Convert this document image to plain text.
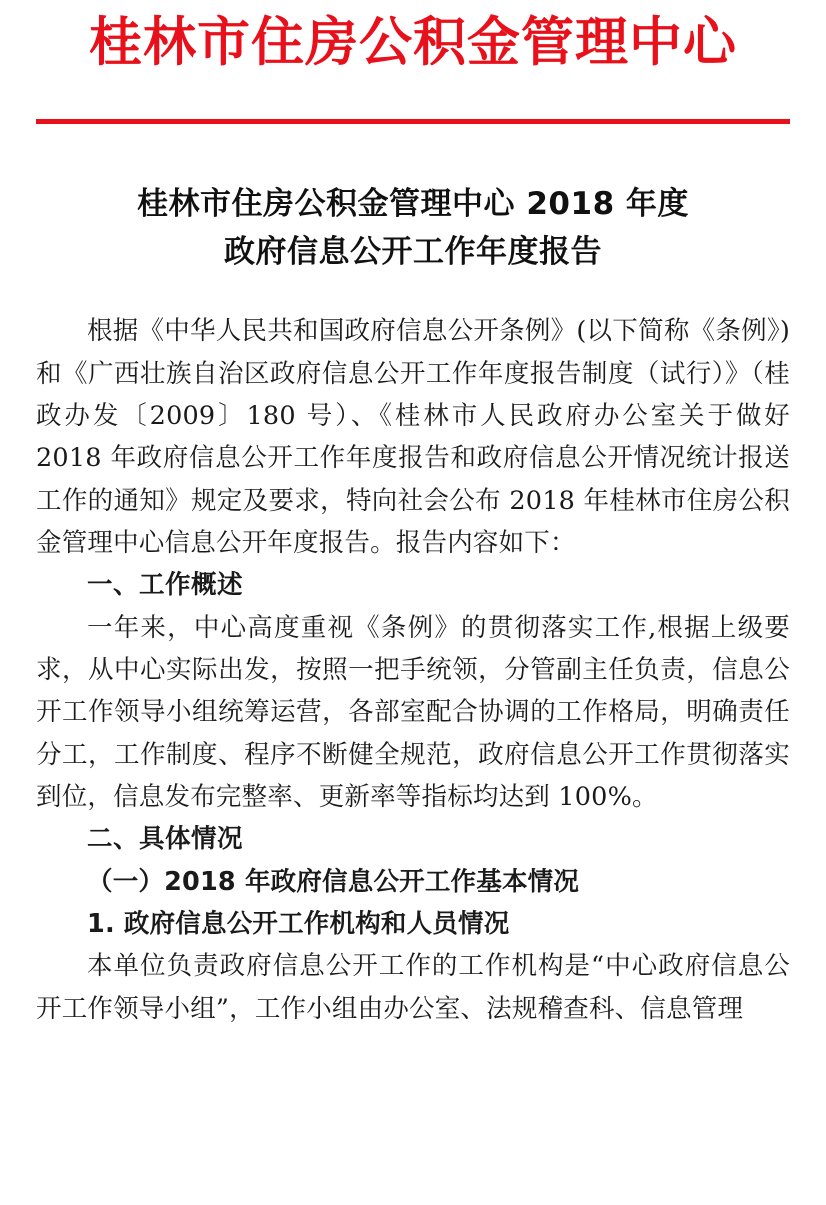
桂林市住房公积金管理中心
桂林市住房公积金管理中心 2018 年度
政府信息公开工作年度报告

根据《中华人民共和国政府信息公开条例》(以下简称《条例》)和《广西壮族自治区政府信息公开工作年度报告制度（试行）》（桂政办发〔2009〕180 号）、《桂林市人民政府办公室关于做好 2018 年政府信息公开工作年度报告和政府信息公开情况统计报送工作的通知》规定及要求，特向社会公布 2018 年桂林市住房公积金管理中心信息公开年度报告。报告内容如下：

一、工作概述

一年来，中心高度重视《条例》的贯彻落实工作,根据上级要求，从中心实际出发，按照一把手统领，分管副主任负责，信息公开工作领导小组统筹运营，各部室配合协调的工作格局，明确责任分工，工作制度、程序不断健全规范，政府信息公开工作贯彻落实到位，信息发布完整率、更新率等指标均达到 100%。

二、具体情况

（一）2018 年政府信息公开工作基本情况

1. 政府信息公开工作机构和人员情况

本单位负责政府信息公开工作的工作机构是“中心政府信息公开工作领导小组”，工作小组由办公室、法规稽查科、信息管理
